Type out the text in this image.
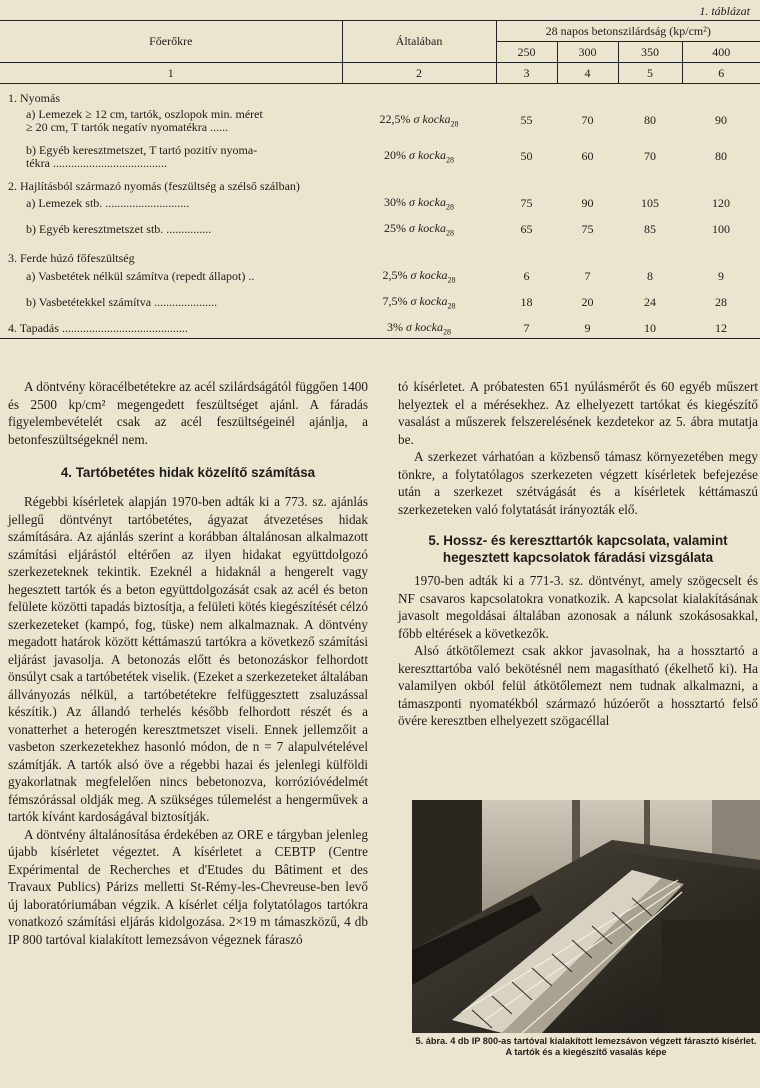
1. táblázat
Főerőkre	Általában	28 napos betonszilárdság (kp/cm²)			
		250	300	350	400
1	2	3	4	5	6

1. Nyomás					
a) Lemezek ≥ 12 cm, tartók, oszlopok min. méret
≥ 20 cm, T tartók negatív nyomatékra ......	22,5% σ kocka$_{28}$	55	70	80	90

b) Egyéb keresztmetszet, T tartó pozitív nyoma-
tékra ......................................	20% σ kocka$_{28}$	50	60	70	80

2. Hajlításból származó nyomás (feszültség a szélső szálban)					
a) Lemezek stb. ............................	30% σ kocka$_{28}$	75	90	105	120

b) Egyéb keresztmetszet stb. ...............	25% σ kocka$_{28}$	65	75	85	100

3. Ferde húzó főfeszültség					
a) Vasbetétek nélkül számítva (repedt állapot) ..	2,5% σ kocka$_{28}$	6	7	8	9

b) Vasbetétekkel számítva .....................	7,5% σ kocka$_{28}$	18	20	24	28

4. Tapadás ..........................................	3% σ kocka$_{28}$	7	9	10	12

A döntvény köracélbetétekre az acél szilárdságától függően 1400 és 2500 kp/cm² megengedett feszültséget ajánl. A fáradás figyelembevételét csak az acél feszültségeinél ajánlja, a betonfeszültségeknél nem.

4. Tartóbetétes hidak közelítő számítása

Régebbi kísérletek alapján 1970-ben adták ki a 773. sz. ajánlás jellegű döntvényt tartóbetétes, ágyazat átvezetéses hidak számítására. Az ajánlás szerint a korábban általánosan alkalmazott számítási eljárástól eltérően az ilyen hidakat együttdolgozó szerkezeteknek tekintik. Ezeknél a hidaknál a hengerelt vagy hegesztett tartók és a beton együttdolgozását csak az acél és beton felülete közötti tapadás biztosítja, a felületi kötés kiegészítését célzó szerkezeteket (kampó, fog, tüske) nem alkalmaznak. A döntvény megadott határok között kéttámaszú tartókra a következő számítási eljárást javasolja. A betonozás előtt és betonozáskor felhordott önsúlyt csak a tartóbetétek viselik. (Ezeket a szerkezeteket általában állványozás nélkül, a tartóbetétekre felfüggesztett zsaluzással készítik.) Az állandó terhelés később felhordott részét és a vonatterhet a heterogén keresztmetszet viseli. Ennek jellemzőit a vasbeton szerkezetekhez hasonló módon, de n = 7 alapulvételével számítják. A tartók alsó öve a régebbi hazai és jelenlegi külföldi gyakorlatnak megfelelően nincs bebetonozva, korrózióvédelmét fémszórással oldják meg. A szükséges túlemelést a hengerművek a tartók kívánt kardoságával biztosítják.

A döntvény általánosítása érdekében az ORE e tárgyban jelenleg újabb kísérletet végeztet. A kísérletet a CEBTP (Centre Expérimental de Recherches et d'Etudes du Bâtiment et des Travaux Publics) Párizs melletti St-Rémy-les-Chevreuse-ben levő új laboratóriumában végzik. A kísérlet célja folytatólagos tartókra vonatkozó számítási eljárás kidolgozása. 2×19 m támaszközű, 4 db IP 800 tartóval kialakított lemezsávon végeznek fáraszó

tó kísérletet. A próbatesten 651 nyúlásmérőt és 60 egyéb műszert helyeztek el a mérésekhez. Az elhelyezett tartókat és kiegészítő vasalást a műszerek felszerelésének kezdetekor az 5. ábra mutatja be.

A szerkezet várhatóan a közbenső támasz környezetében megy tönkre, a folytatólagos szerkezeten végzett kísérletek befejezése után a szerkezet szétvágását és a kísérletek kéttámaszú szerkezeteken való folytatását irányozták elő.

5. Hossz- és kereszttartók kapcsolata, valamint hegesztett kapcsolatok fáradási vizsgálata

1970-ben adták ki a 771-3. sz. döntvényt, amely szögecselt és NF csavaros kapcsolatokra vonatkozik. A kapcsolat kialakításának javasolt megoldásai általában azonosak a nálunk szokásosakkal, főbb eltérések a következők.

Alsó átkötőlemezt csak akkor javasolnak, ha a hossztartó a kereszttartóba való bekötésnél nem magasítható (ékelhető ki). Ha valamilyen okból felül átkötőlemezt nem tudnak alkalmazni, a támaszponti nyomatékból származó húzóerőt a hossztartó felső övére keresztben elhelyezett szögacéllal

5. ábra. 4 db IP 800-as tartóval kialakított lemezsávon végzett fárasztó kísérlet. A tartók és a kiegészítő vasalás képe
